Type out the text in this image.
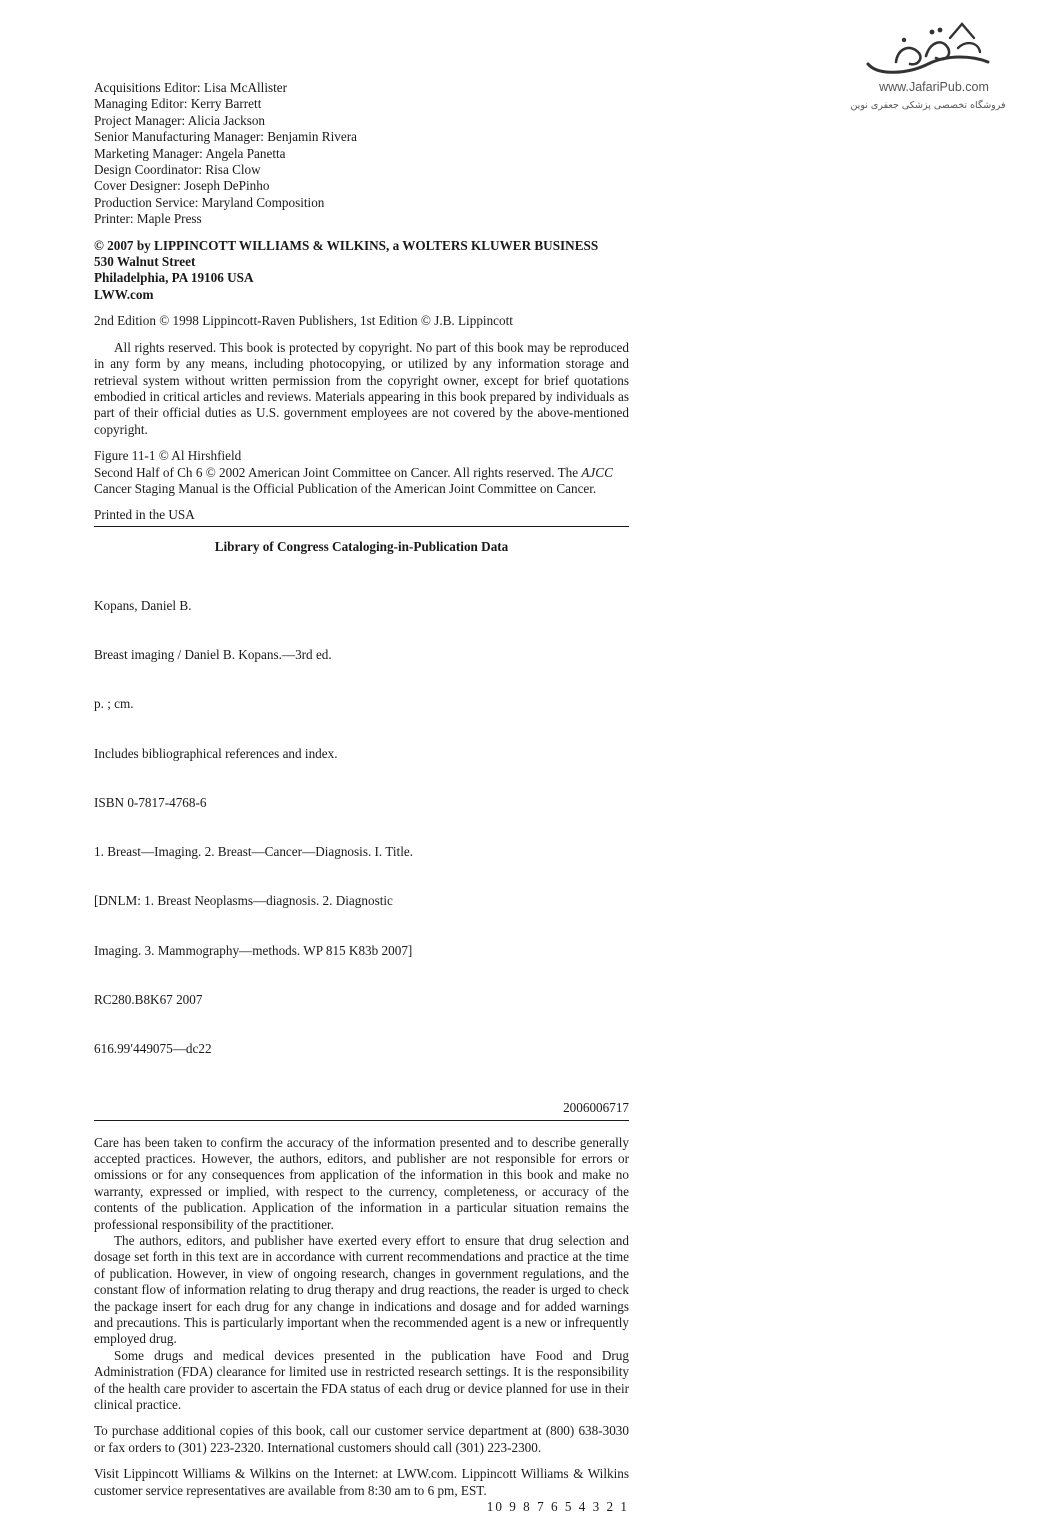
www.JafariPub.com
فروشگاه تخصصی پزشکی جعفری نوین
Acquisitions Editor: Lisa McAllister
Managing Editor: Kerry Barrett
Project Manager: Alicia Jackson
Senior Manufacturing Manager: Benjamin Rivera
Marketing Manager: Angela Panetta
Design Coordinator: Risa Clow
Cover Designer: Joseph DePinho
Production Service: Maryland Composition
Printer: Maple Press
© 2007 by LIPPINCOTT WILLIAMS & WILKINS, a WOLTERS KLUWER BUSINESS
530 Walnut Street
Philadelphia, PA 19106 USA
LWW.com
2nd Edition © 1998 Lippincott-Raven Publishers, 1st Edition © J.B. Lippincott
All rights reserved. This book is protected by copyright. No part of this book may be reproduced in any form by any means, including photocopying, or utilized by any information storage and retrieval system without written permission from the copyright owner, except for brief quotations embodied in critical articles and reviews. Materials appearing in this book prepared by individuals as part of their official duties as U.S. government employees are not covered by the above-mentioned copyright.
Figure 11-1 © Al Hirshfield
Second Half of Ch 6 © 2002 American Joint Committee on Cancer. All rights reserved. The AJCC Cancer Staging Manual is the Official Publication of the American Joint Committee on Cancer.
Printed in the USA
Library of Congress Cataloging-in-Publication Data

Kopans, Daniel B.

Breast imaging / Daniel B. Kopans.—3rd ed.

p. ; cm.

Includes bibliographical references and index.

ISBN 0-7817-4768-6

1. Breast—Imaging. 2. Breast—Cancer—Diagnosis. I. Title.

[DNLM: 1. Breast Neoplasms—diagnosis. 2. Diagnostic

Imaging. 3. Mammography—methods. WP 815 K83b 2007]

RC280.B8K67 2007

616.99′449075—dc22

2006006717

Care has been taken to confirm the accuracy of the information presented and to describe generally accepted practices. However, the authors, editors, and publisher are not responsible for errors or omissions or for any consequences from application of the information in this book and make no warranty, expressed or implied, with respect to the currency, completeness, or accuracy of the contents of the publication. Application of the information in a particular situation remains the professional responsibility of the practitioner.

The authors, editors, and publisher have exerted every effort to ensure that drug selection and dosage set forth in this text are in accordance with current recommendations and practice at the time of publication. However, in view of ongoing research, changes in government regulations, and the constant flow of information relating to drug therapy and drug reactions, the reader is urged to check the package insert for each drug for any change in indications and dosage and for added warnings and precautions. This is particularly important when the recommended agent is a new or infrequently employed drug.

Some drugs and medical devices presented in the publication have Food and Drug Administration (FDA) clearance for limited use in restricted research settings. It is the responsibility of the health care provider to ascertain the FDA status of each drug or device planned for use in their clinical practice.

To purchase additional copies of this book, call our customer service department at (800) 638-3030 or fax orders to (301) 223-2320. International customers should call (301) 223-2300.
Visit Lippincott Williams & Wilkins on the Internet: at LWW.com. Lippincott Williams & Wilkins customer service representatives are available from 8:30 am to 6 pm, EST.
10 9 8 7 6 5 4 3 2 1
